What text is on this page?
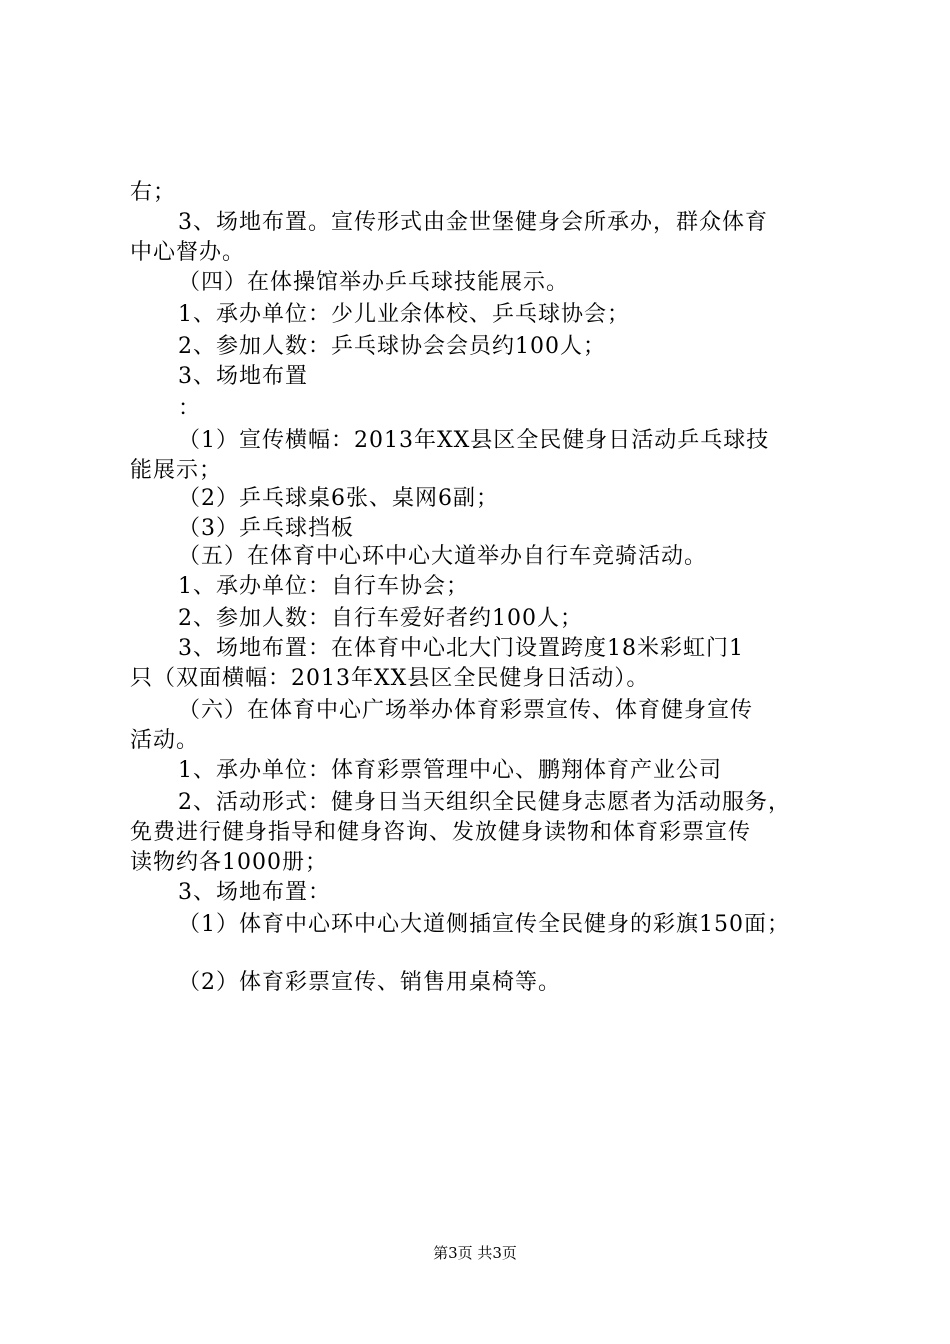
右；
3、场地布置。宣传形式由金世堡健身会所承办，群众体育
中心督办。
（四）在体操馆举办乒乓球技能展示。
1、承办单位：少儿业余体校、乒乓球协会；
2、参加人数：乒乓球协会会员约100人；
3、场地布置
：
（1）宣传横幅：2013年XX县区全民健身日活动乒乓球技
能展示；
（2）乒乓球桌6张、桌网6副；
（3）乒乓球挡板
（五）在体育中心环中心大道举办自行车竞骑活动。
1、承办单位：自行车协会；
2、参加人数：自行车爱好者约100人；
3、场地布置：在体育中心北大门设置跨度18米彩虹门1
只（双面横幅：2013年XX县区全民健身日活动）。
（六）在体育中心广场举办体育彩票宣传、体育健身宣传
活动。
1、承办单位：体育彩票管理中心、鹏翔体育产业公司
2、活动形式：健身日当天组织全民健身志愿者为活动服务，
免费进行健身指导和健身咨询、发放健身读物和体育彩票宣传
读物约各1000册；
3、场地布置：
（1）体育中心环中心大道侧插宣传全民健身的彩旗150面；
（2）体育彩票宣传、销售用桌椅等。
第3页 共3页
